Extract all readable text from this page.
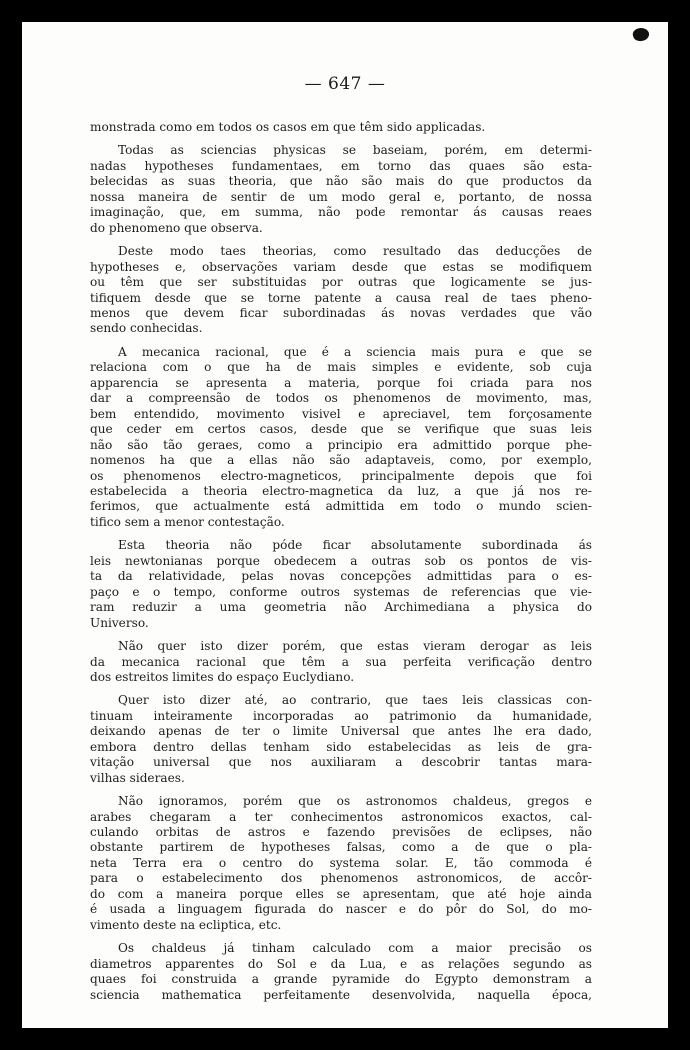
— 647 —
monstrada como em todos os casos em que têm sido applicadas.
Todas as sciencias physicas se baseiam, porém, em determi-
nadas hypotheses fundamentaes, em torno das quaes são esta-
belecidas as suas theoria, que não são mais do que productos da
nossa maneira de sentir de um modo geral e, portanto, de nossa
imaginação, que, em summa, não pode remontar ás causas reaes
do phenomeno que observa.
Deste modo taes theorias, como resultado das deducções de
hypotheses e, observações variam desde que estas se modifiquem
ou têm que ser substituidas por outras que logicamente se jus-
tifiquem desde que se torne patente a causa real de taes pheno-
menos que devem ficar subordinadas ás novas verdades que vão
sendo conhecidas.
A mecanica racional, que é a sciencia mais pura e que se
relaciona com o que ha de mais simples e evidente, sob cuja
apparencia se apresenta a materia, porque foi criada para nos
dar a compreensão de todos os phenomenos de movimento, mas,
bem entendido, movimento visivel e apreciavel, tem forçosamente
que ceder em certos casos, desde que se verifique que suas leis
não são tão geraes, como a principio era admittido porque phe-
nomenos ha que a ellas não são adaptaveis, como, por exemplo,
os phenomenos electro-magneticos, principalmente depois que foi
estabelecida a theoria electro-magnetica da luz, a que já nos re-
ferimos, que actualmente está admittida em todo o mundo scien-
tifico sem a menor contestação.
Esta theoria não póde ficar absolutamente subordinada ás
leis newtonianas porque obedecem a outras sob os pontos de vis-
ta da relatividade, pelas novas concepções admittidas para o es-
paço e o tempo, conforme outros systemas de referencias que vie-
ram reduzir a uma geometria não Archimediana a physica do
Universo.
Não quer isto dizer porém, que estas vieram derogar as leis
da mecanica racional que têm a sua perfeita verificação dentro
dos estreitos limites do espaço Euclydiano.
Quer isto dizer até, ao contrario, que taes leis classicas con-
tinuam inteiramente incorporadas ao patrimonio da humanidade,
deixando apenas de ter o limite Universal que antes lhe era dado,
embora dentro dellas tenham sido estabelecidas as leis de gra-
vitação universal que nos auxiliaram a descobrir tantas mara-
vilhas sideraes.
Não ignoramos, porém que os astronomos chaldeus, gregos e
arabes chegaram a ter conhecimentos astronomicos exactos, cal-
culando orbitas de astros e fazendo previsões de eclipses, não
obstante partirem de hypotheses falsas, como a de que o pla-
neta Terra era o centro do systema solar. E, tão commoda é
para o estabelecimento dos phenomenos astronomicos, de accôr-
do com a maneira porque elles se apresentam, que até hoje ainda
é usada a linguagem figurada do nascer e do pôr do Sol, do mo-
vimento deste na ecliptica, etc.
Os chaldeus já tinham calculado com a maior precisão os
diametros apparentes do Sol e da Lua, e as relações segundo as
quaes foi construida a grande pyramide do Egypto demonstram a
sciencia mathematica perfeitamente desenvolvida, naquella época,
